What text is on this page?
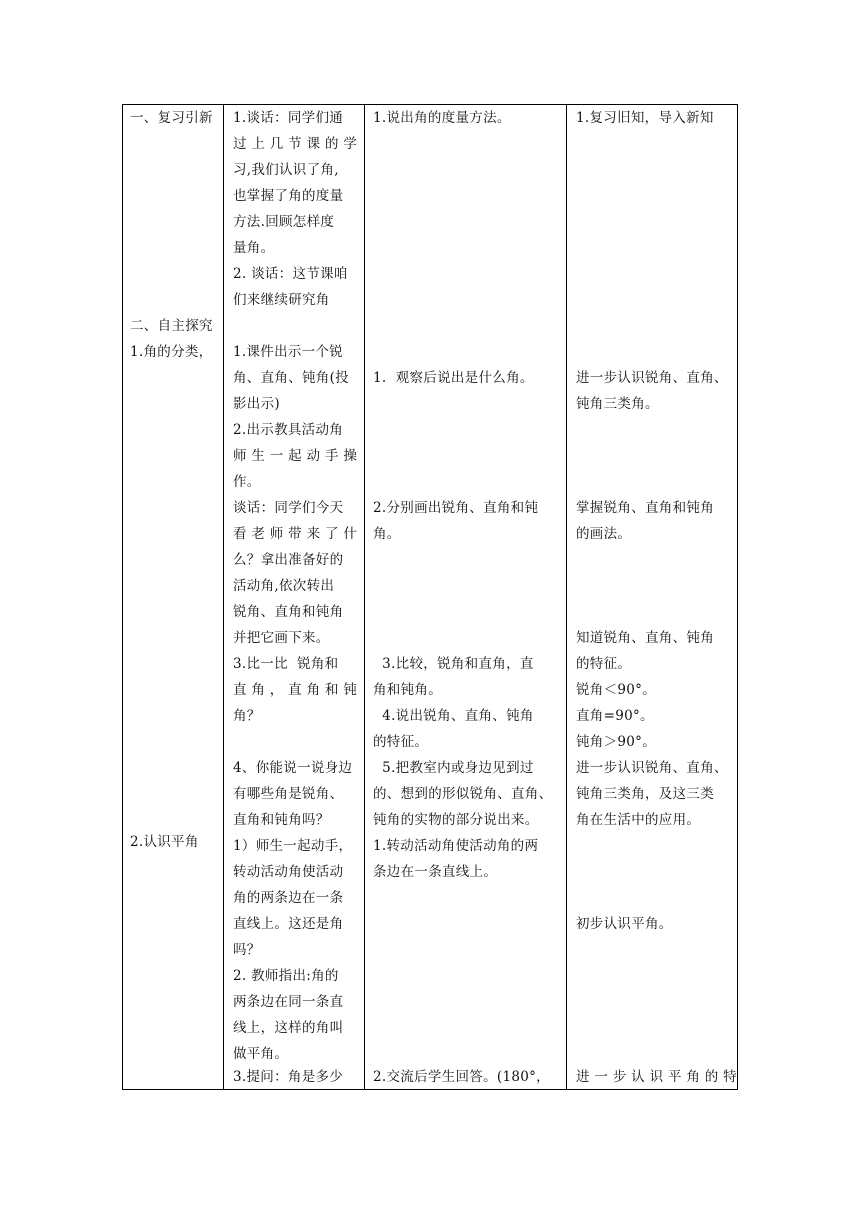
一、复习引新
二、自主探究
1.角的分类，
2.认识平角
1.谈话：同学们通
过 上 几 节 课 的 学
习,我们认识了角,
也掌握了角的度量
方法.回顾怎样度
量角。
2. 谈话：这节课咱
们来继续研究角
1.课件出示一个锐
角、直角、钝角(投
影出示)
2.出示教具活动角
师 生 一 起 动 手 操
作。
谈话：同学们今天
看 老 师 带 来 了 什
么？拿出准备好的
活动角,依次转出
锐角、直角和钝角
并把它画下来。
3.比一比  锐角和
直 角 ， 直 角 和 钝
角？
4、你能说一说身边
有哪些角是锐角、
直角和钝角吗？
1）师生一起动手，
转动活动角使活动
角的两条边在一条
直线上。这还是角
吗？
2. 教师指出:角的
两条边在同一条直
线上，这样的角叫
做平角。
3.提问：角是多少
1.说出角的度量方法。
1.  观察后说出是什么角。
2.分别画出锐角、直角和钝
角。
3.比较，锐角和直角，直
角和钝角。
4.说出锐角、直角、钝角
的特征。
5.把教室内或身边见到过
的、想到的形似锐角、直角、
钝角的实物的部分说出来。
1.转动活动角使活动角的两
条边在一条直线上。
2.交流后学生回答。(180°，
1.复习旧知，导入新知
进一步认识锐角、直角、
钝角三类角。
掌握锐角、直角和钝角
的画法。
知道锐角、直角、钝角
的特征。
锐角＜90°。
直角=90°。
钝角＞90°。
进一步认识锐角、直角、
钝角三类角，及这三类
角在生活中的应用。
初步认识平角。
进 一 步 认 识 平 角 的 特
